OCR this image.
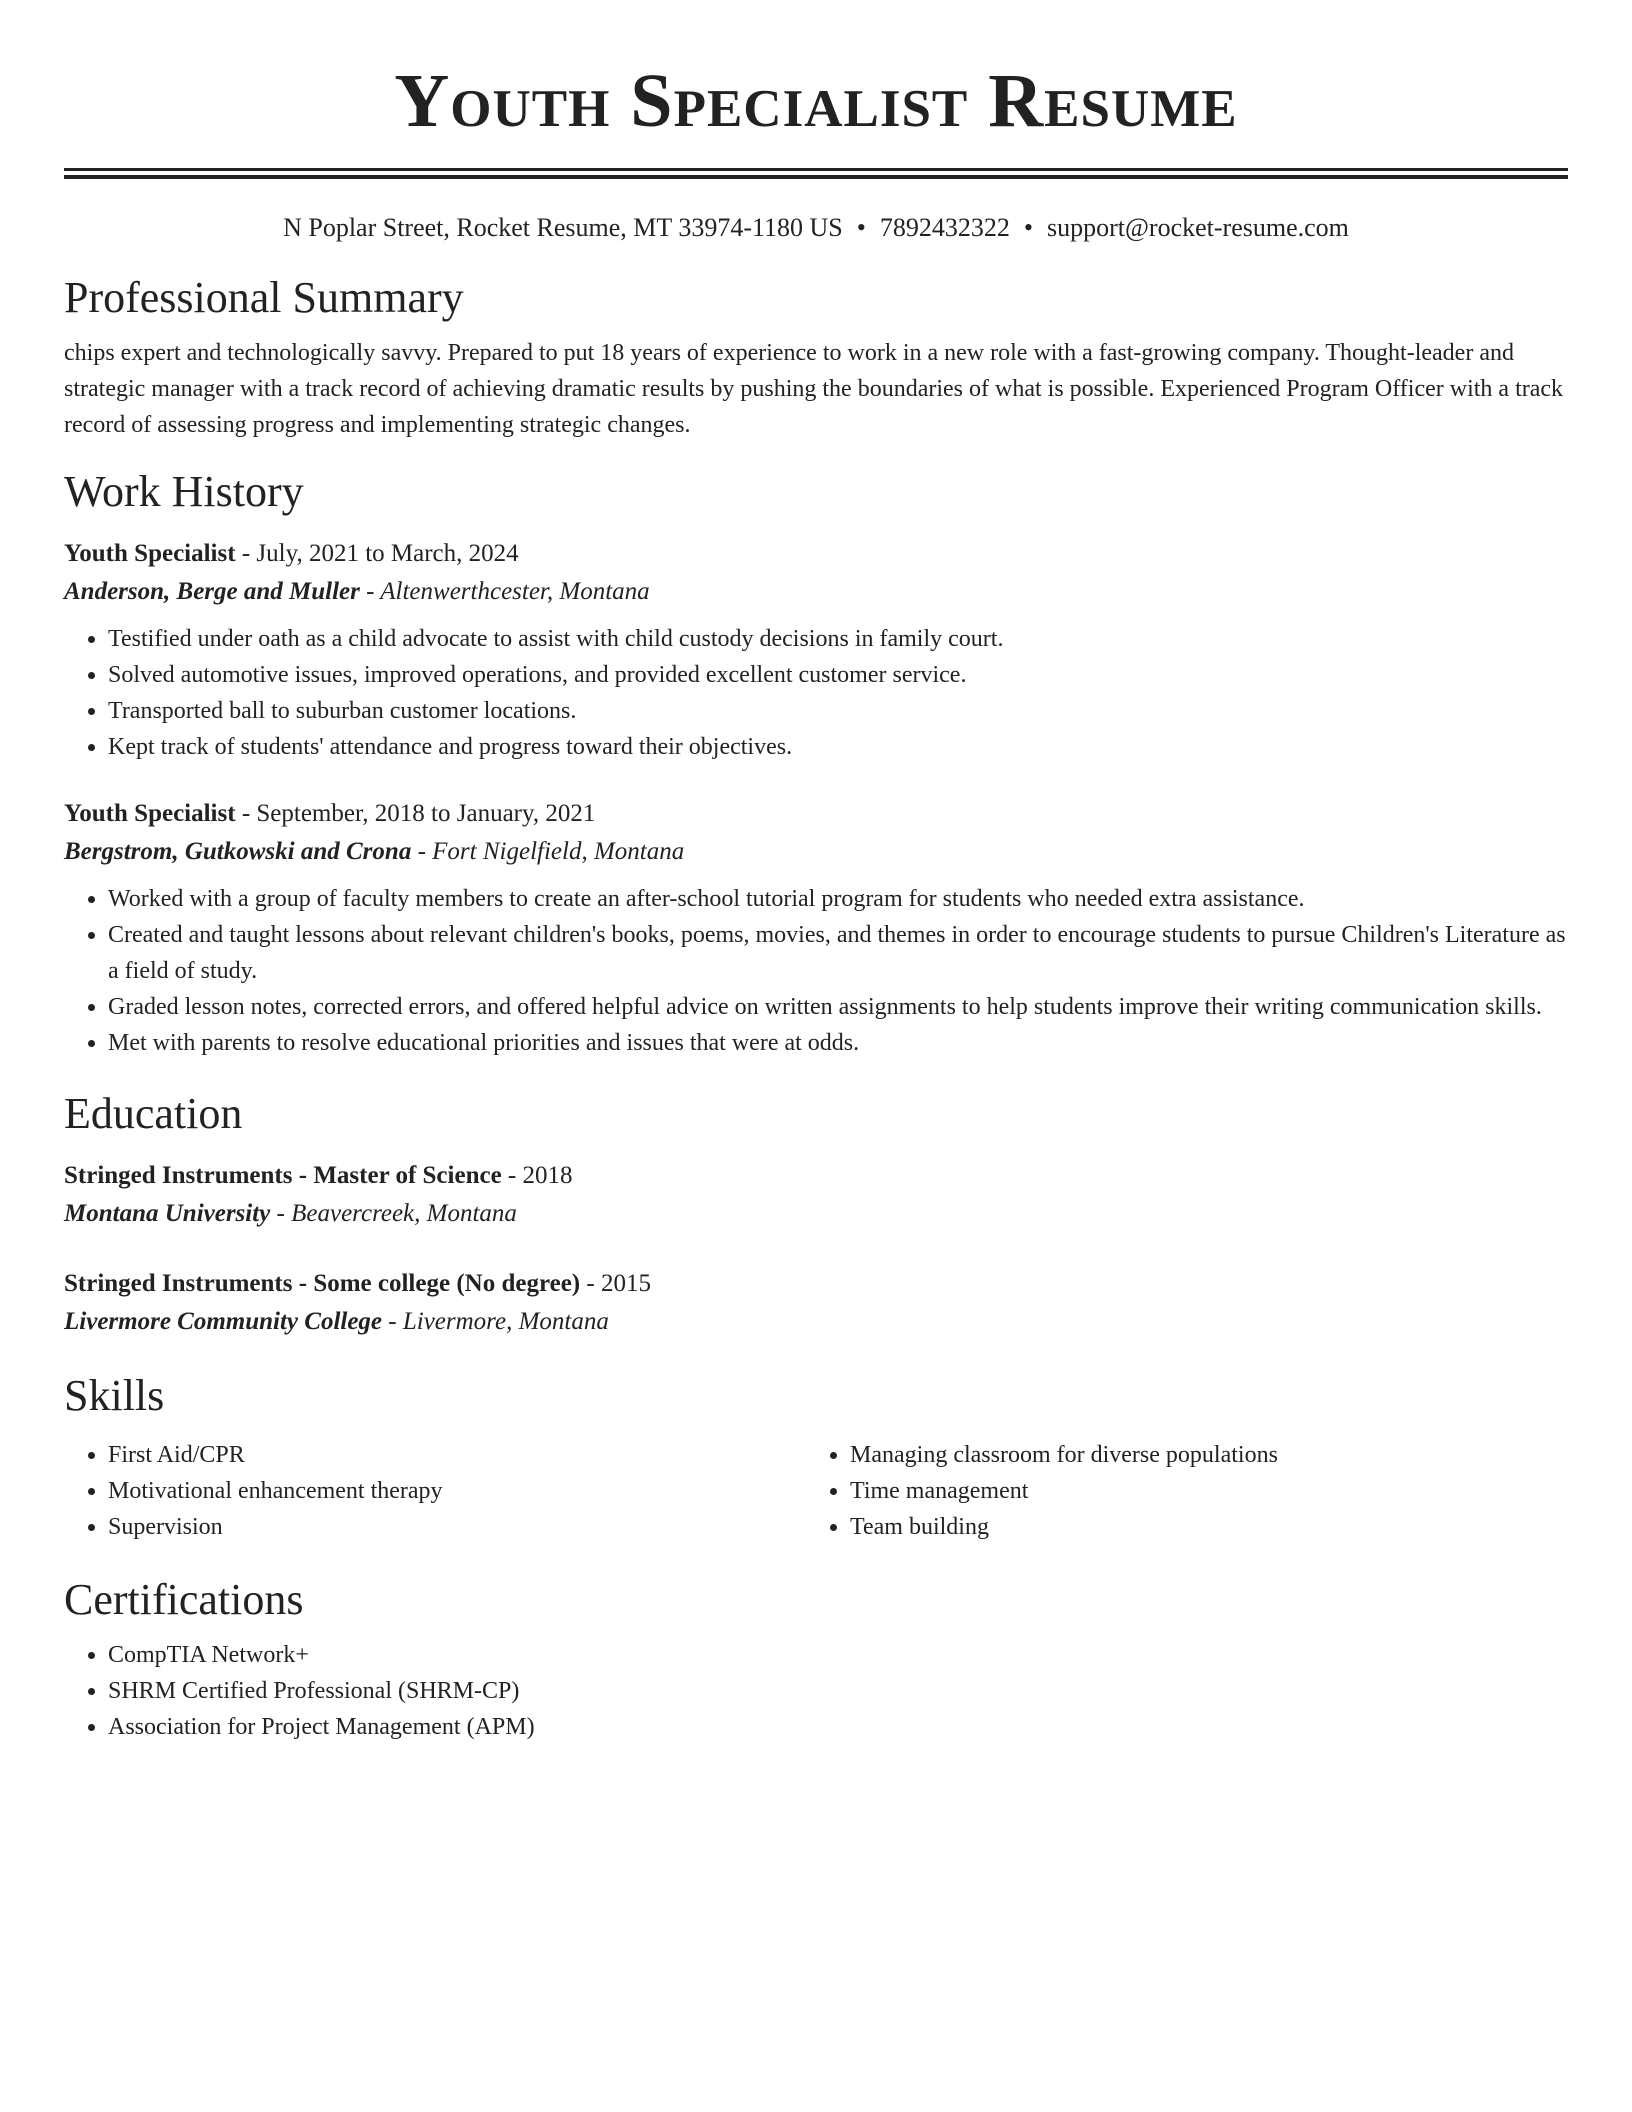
Youth Specialist Resume
N Poplar Street, Rocket Resume, MT 33974-1180 US • 7892432322 • support@rocket-resume.com
Professional Summary

chips expert and technologically savvy. Prepared to put 18 years of experience to work in a new role with a fast-growing company. Thought-leader and strategic manager with a track record of achieving dramatic results by pushing the boundaries of what is possible. Experienced Program Officer with a track record of assessing progress and implementing strategic changes.

Work History

Youth Specialist - July, 2021 to March, 2024

Anderson, Berge and Muller - Altenwerthcester, Montana

• Testified under oath as a child advocate to assist with child custody decisions in family court.
• Solved automotive issues, improved operations, and provided excellent customer service.
• Transported ball to suburban customer locations.
• Kept track of students' attendance and progress toward their objectives.

Youth Specialist - September, 2018 to January, 2021

Bergstrom, Gutkowski and Crona - Fort Nigelfield, Montana

• Worked with a group of faculty members to create an after-school tutorial program for students who needed extra assistance.
• Created and taught lessons about relevant children's books, poems, movies, and themes in order to encourage students to pursue Children's Literature as a field of study.
• Graded lesson notes, corrected errors, and offered helpful advice on written assignments to help students improve their writing communication skills.
• Met with parents to resolve educational priorities and issues that were at odds.
Education

Stringed Instruments - Master of Science - 2018

Montana University - Beavercreek, Montana

Stringed Instruments - Some college (No degree) - 2015

Livermore Community College - Livermore, Montana

Skills
• First Aid/CPR
• Motivational enhancement therapy
• Supervision
• Managing classroom for diverse populations
• Time management
• Team building
Certifications
• CompTIA Network+
• SHRM Certified Professional (SHRM-CP)
• Association for Project Management (APM)
